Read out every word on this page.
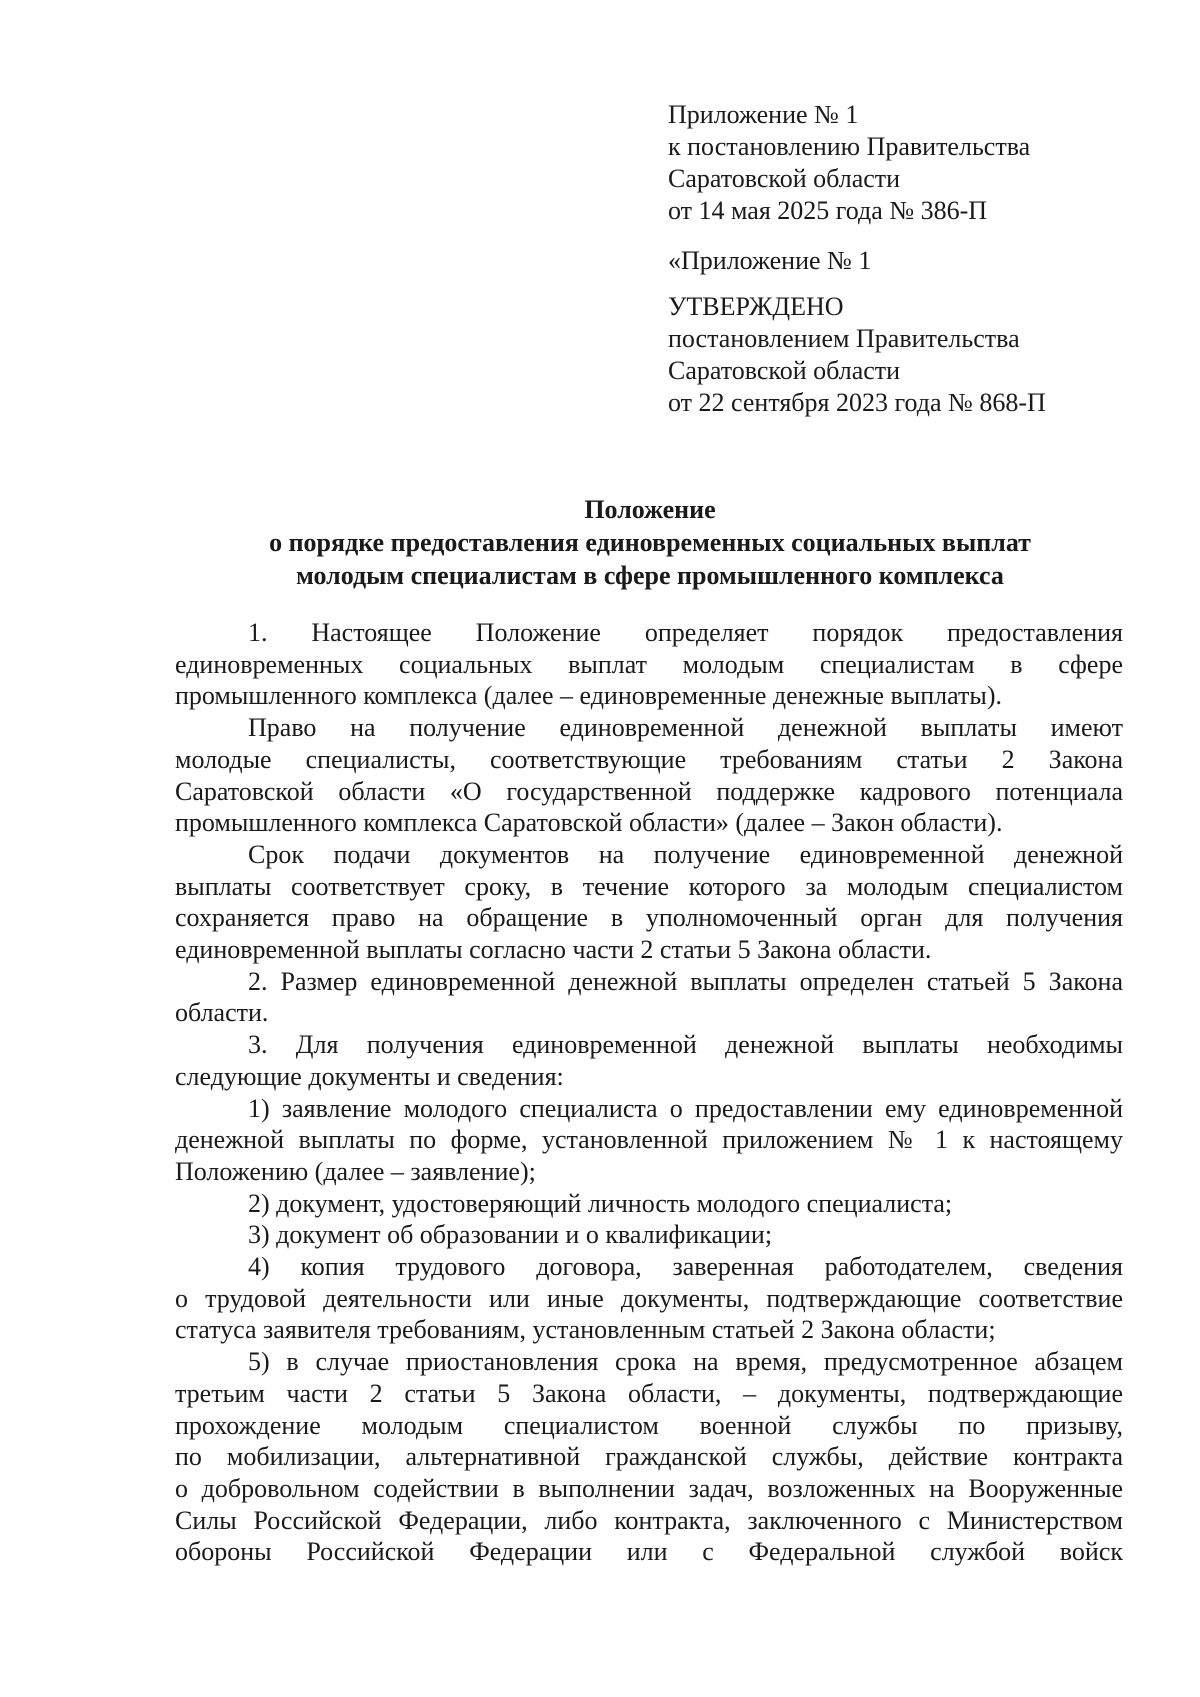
Приложение № 1
к постановлению Правительства
Саратовской области
от 14 мая 2025 года № 386-П
«Приложение № 1
УТВЕРЖДЕНО
постановлением Правительства
Саратовской области
от 22 сентября 2023 года № 868-П
Положение
о порядке предоставления единовременных социальных выплат
молодым специалистам в сфере промышленного комплекса
1. Настоящее Положение определяет порядок предоставления
единовременных социальных выплат молодым специалистам в сфере
промышленного комплекса (далее – единовременные денежные выплаты).
Право на получение единовременной денежной выплаты имеют
молодые специалисты, соответствующие требованиям статьи 2 Закона
Саратовской области «О государственной поддержке кадрового потенциала
промышленного комплекса Саратовской области» (далее – Закон области).
Срок подачи документов на получение единовременной денежной
выплаты соответствует сроку, в течение которого за молодым специалистом
сохраняется право на обращение в уполномоченный орган для получения
единовременной выплаты согласно части 2 статьи 5 Закона области.
2. Размер единовременной денежной выплаты определен статьей 5 Закона
области.
3. Для получения единовременной денежной выплаты необходимы
следующие документы и сведения:
1) заявление молодого специалиста о предоставлении ему единовременной
денежной выплаты по форме, установленной приложением № 1 к настоящему
Положению (далее – заявление);
2) документ, удостоверяющий личность молодого специалиста;
3) документ об образовании и о квалификации;
4) копия трудового договора, заверенная работодателем, сведения
о трудовой деятельности или иные документы, подтверждающие соответствие
статуса заявителя требованиям, установленным статьей 2 Закона области;
5) в случае приостановления срока на время, предусмотренное абзацем
третьим части 2 статьи 5 Закона области, – документы, подтверждающие
прохождение молодым специалистом военной службы по призыву,
по мобилизации, альтернативной гражданской службы, действие контракта
о добровольном содействии в выполнении задач, возложенных на Вооруженные
Силы Российской Федерации, либо контракта, заключенного с Министерством
обороны Российской Федерации или с Федеральной службой войск
